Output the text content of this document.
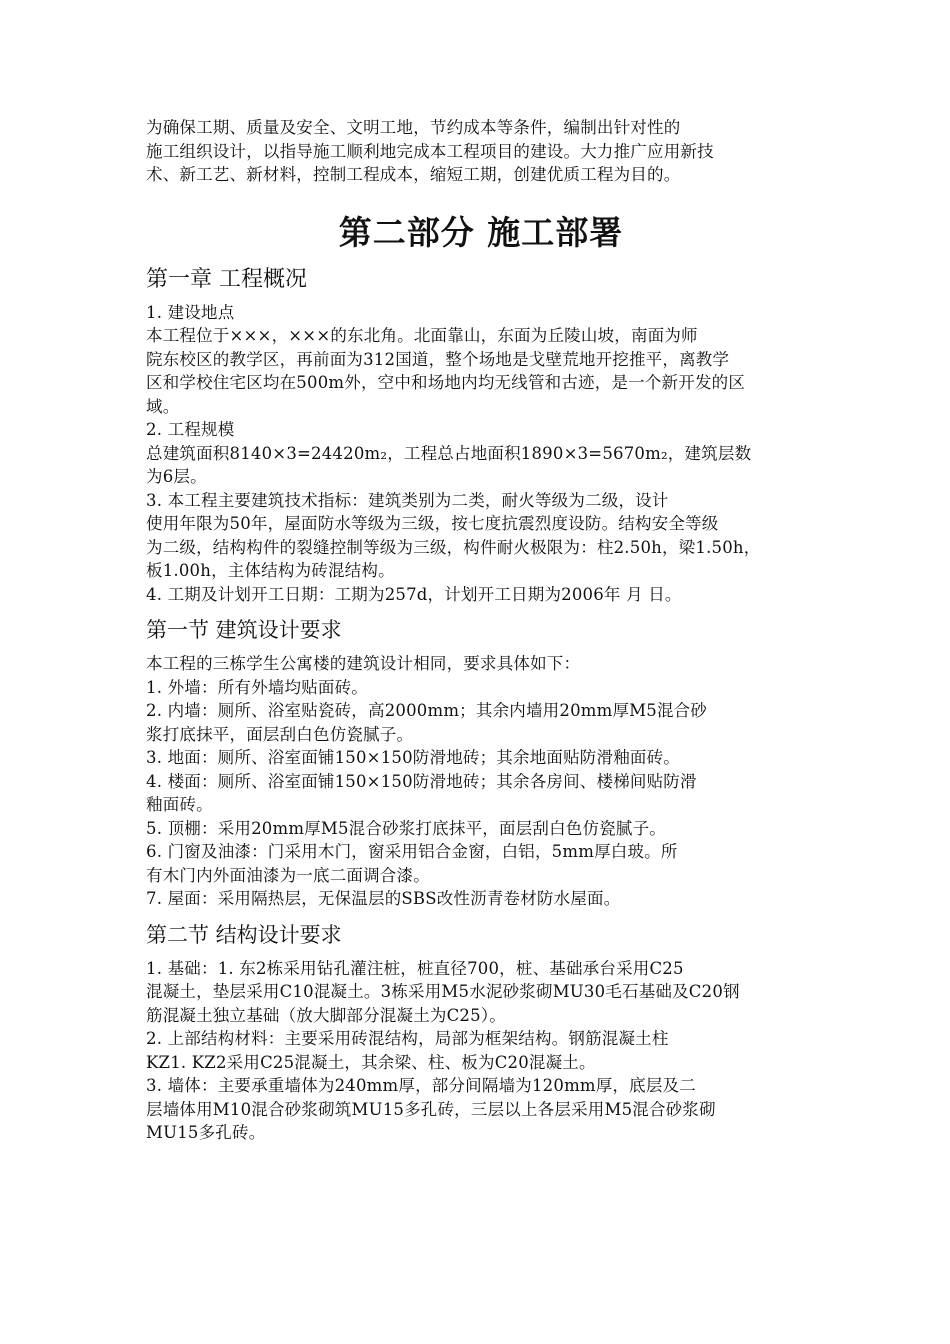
为确保工期、质量及安全、文明工地，节约成本等条件，编制出针对性的
施工组织设计，以指导施工顺利地完成本工程项目的建设。大力推广应用新技
术、新工艺、新材料，控制工程成本，缩短工期，创建优质工程为目的。
第二部分 施工部署
第一章 工程概况
1. 建设地点
本工程位于×××，×××的东北角。北面靠山，东面为丘陵山坡，南面为师
院东校区的教学区，再前面为312国道，整个场地是戈壁荒地开挖推平，离教学
区和学校住宅区均在500m外，空中和场地内均无线管和古迹，是一个新开发的区
域。
2. 工程规模
总建筑面积8140×3=24420m₂，工程总占地面积1890×3=5670m₂，建筑层数
为6层。
3. 本工程主要建筑技术指标：建筑类别为二类，耐火等级为二级，设计
使用年限为50年，屋面防水等级为三级，按七度抗震烈度设防。结构安全等级
为二级，结构构件的裂缝控制等级为三级，构件耐火极限为：柱2.50h，梁1.50h，
板1.00h，主体结构为砖混结构。
4. 工期及计划开工日期：工期为257d，计划开工日期为2006年 月 日。
第一节 建筑设计要求
本工程的三栋学生公寓楼的建筑设计相同，要求具体如下：
1. 外墙：所有外墙均贴面砖。
2. 内墙：厕所、浴室贴瓷砖，高2000mm；其余内墙用20mm厚M5混合砂
浆打底抹平，面层刮白色仿瓷腻子。
3. 地面：厕所、浴室面铺150×150防滑地砖；其余地面贴防滑釉面砖。
4. 楼面：厕所、浴室面铺150×150防滑地砖；其余各房间、楼梯间贴防滑
釉面砖。
5. 顶棚：采用20mm厚M5混合砂浆打底抹平，面层刮白色仿瓷腻子。
6. 门窗及油漆：门采用木门，窗采用铝合金窗，白铝，5mm厚白玻。所
有木门内外面油漆为一底二面调合漆。
7. 屋面：采用隔热层，无保温层的SBS改性沥青卷材防水屋面。
第二节 结构设计要求
1. 基础：1. 东2栋采用钻孔灌注桩，桩直径700，桩、基础承台采用C25
混凝土，垫层采用C10混凝土。3栋采用M5水泥砂浆砌MU30毛石基础及C20钢
筋混凝土独立基础（放大脚部分混凝土为C25）。
2. 上部结构材料：主要采用砖混结构，局部为框架结构。钢筋混凝土柱
KZ1. KZ2采用C25混凝土，其余梁、柱、板为C20混凝土。
3. 墙体：主要承重墙体为240mm厚，部分间隔墙为120mm厚，底层及二
层墙体用M10混合砂浆砌筑MU15多孔砖，三层以上各层采用M5混合砂浆砌
MU15多孔砖。
